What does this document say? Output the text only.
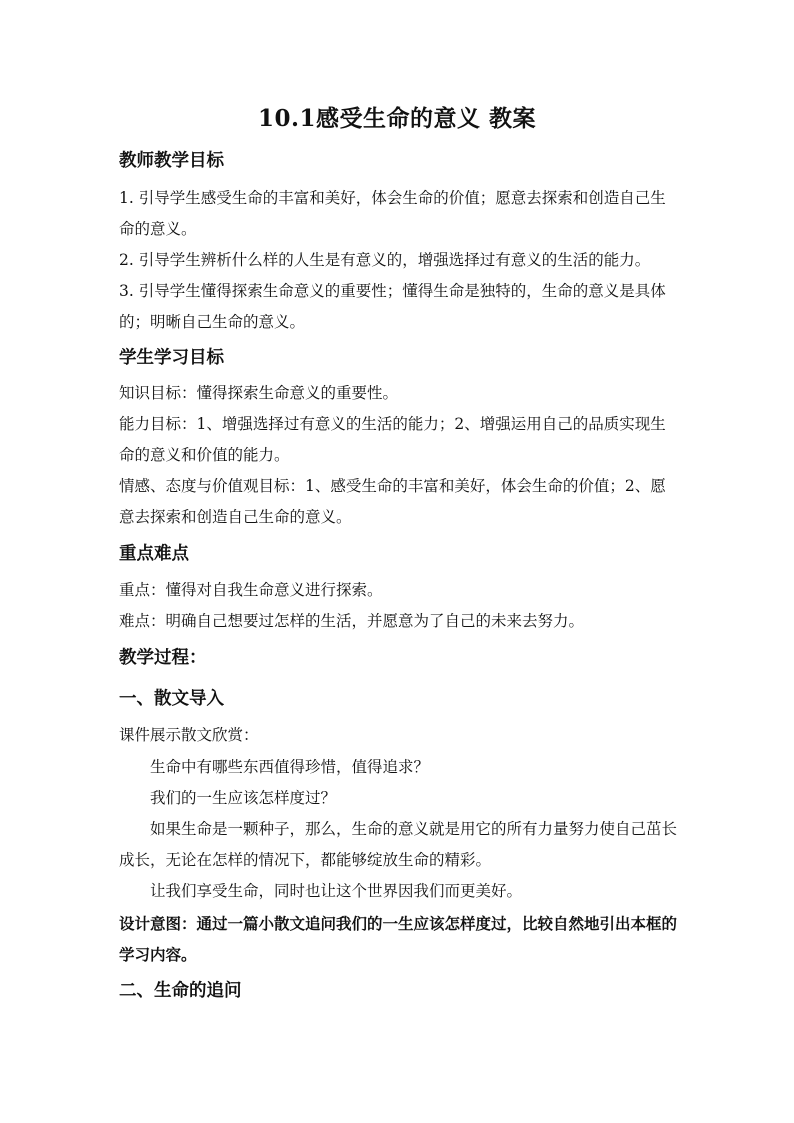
10.1感受生命的意义 教案
教师教学目标
1. 引导学生感受生命的丰富和美好，体会生命的价值；愿意去探索和创造自己生命的意义。
2. 引导学生辨析什么样的人生是有意义的，增强选择过有意义的生活的能力。
3. 引导学生懂得探索生命意义的重要性；懂得生命是独特的，生命的意义是具体的；明晰自己生命的意义。
学生学习目标
知识目标：懂得探索生命意义的重要性。
能力目标：1、增强选择过有意义的生活的能力；2、增强运用自己的品质实现生命的意义和价值的能力。
情感、态度与价值观目标：1、感受生命的丰富和美好，体会生命的价值；2、愿意去探索和创造自己生命的意义。
重点难点
重点：懂得对自我生命意义进行探索。
难点：明确自己想要过怎样的生活，并愿意为了自己的未来去努力。
教学过程：
一、散文导入
课件展示散文欣赏：
生命中有哪些东西值得珍惜，值得追求？
我们的一生应该怎样度过？
如果生命是一颗种子，那么，生命的意义就是用它的所有力量努力使自己茁长成长，无论在怎样的情况下，都能够绽放生命的精彩。
让我们享受生命，同时也让这个世界因我们而更美好。
设计意图：通过一篇小散文追问我们的一生应该怎样度过，比较自然地引出本框的学习内容。
二、生命的追问
